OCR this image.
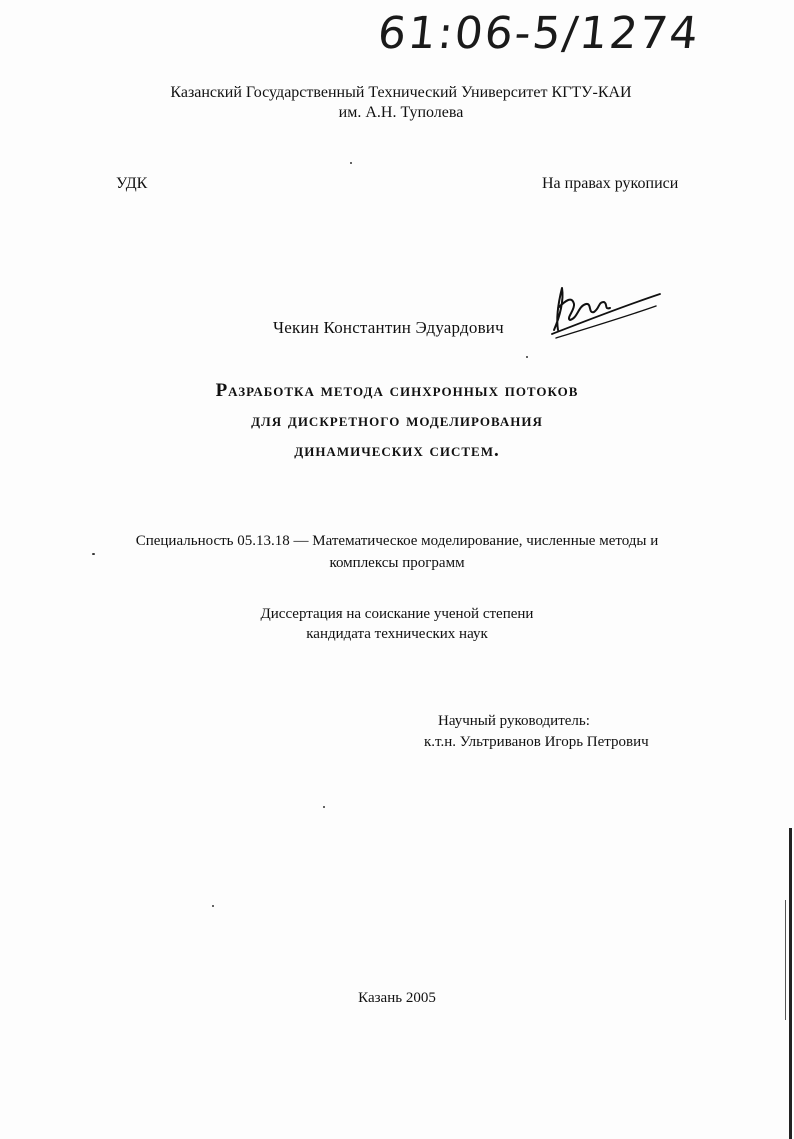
61:06-5/1274
Казанский Государственный Технический Университет КГТУ-КАИ
им. А.Н. Туполева
УДК	На правах рукописи
Чекин Константин Эдуардович
Разработка метода синхронных потоков
для дискретного моделирования
динамических систем.
Специальность 05.13.18 — Математическое моделирование, численные методы и
комплексы программ
Диссертация на соискание ученой степени
кандидата технических наук
Научный руководитель:
к.т.н. Ультриванов Игорь Петрович
Казань 2005
